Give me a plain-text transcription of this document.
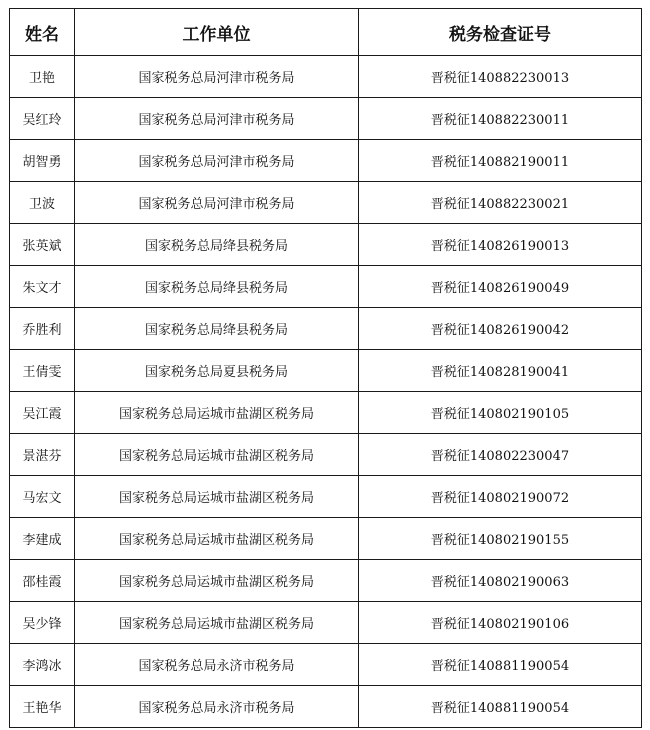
姓名	工作单位	税务检查证号
卫艳	国家税务总局河津市税务局	晋税征140882230013
吴红玲	国家税务总局河津市税务局	晋税征140882230011
胡智勇	国家税务总局河津市税务局	晋税征140882190011
卫波	国家税务总局河津市税务局	晋税征140882230021
张英斌	国家税务总局绛县税务局	晋税征140826190013
朱文才	国家税务总局绛县税务局	晋税征140826190049
乔胜利	国家税务总局绛县税务局	晋税征140826190042
王倩雯	国家税务总局夏县税务局	晋税征140828190041
吴江霞	国家税务总局运城市盐湖区税务局	晋税征140802190105
景湛芬	国家税务总局运城市盐湖区税务局	晋税征140802230047
马宏文	国家税务总局运城市盐湖区税务局	晋税征140802190072
李建成	国家税务总局运城市盐湖区税务局	晋税征140802190155
邵桂霞	国家税务总局运城市盐湖区税务局	晋税征140802190063
吴少锋	国家税务总局运城市盐湖区税务局	晋税征140802190106
李鸿冰	国家税务总局永济市税务局	晋税征140881190054
王艳华	国家税务总局永济市税务局	晋税征140881190054
